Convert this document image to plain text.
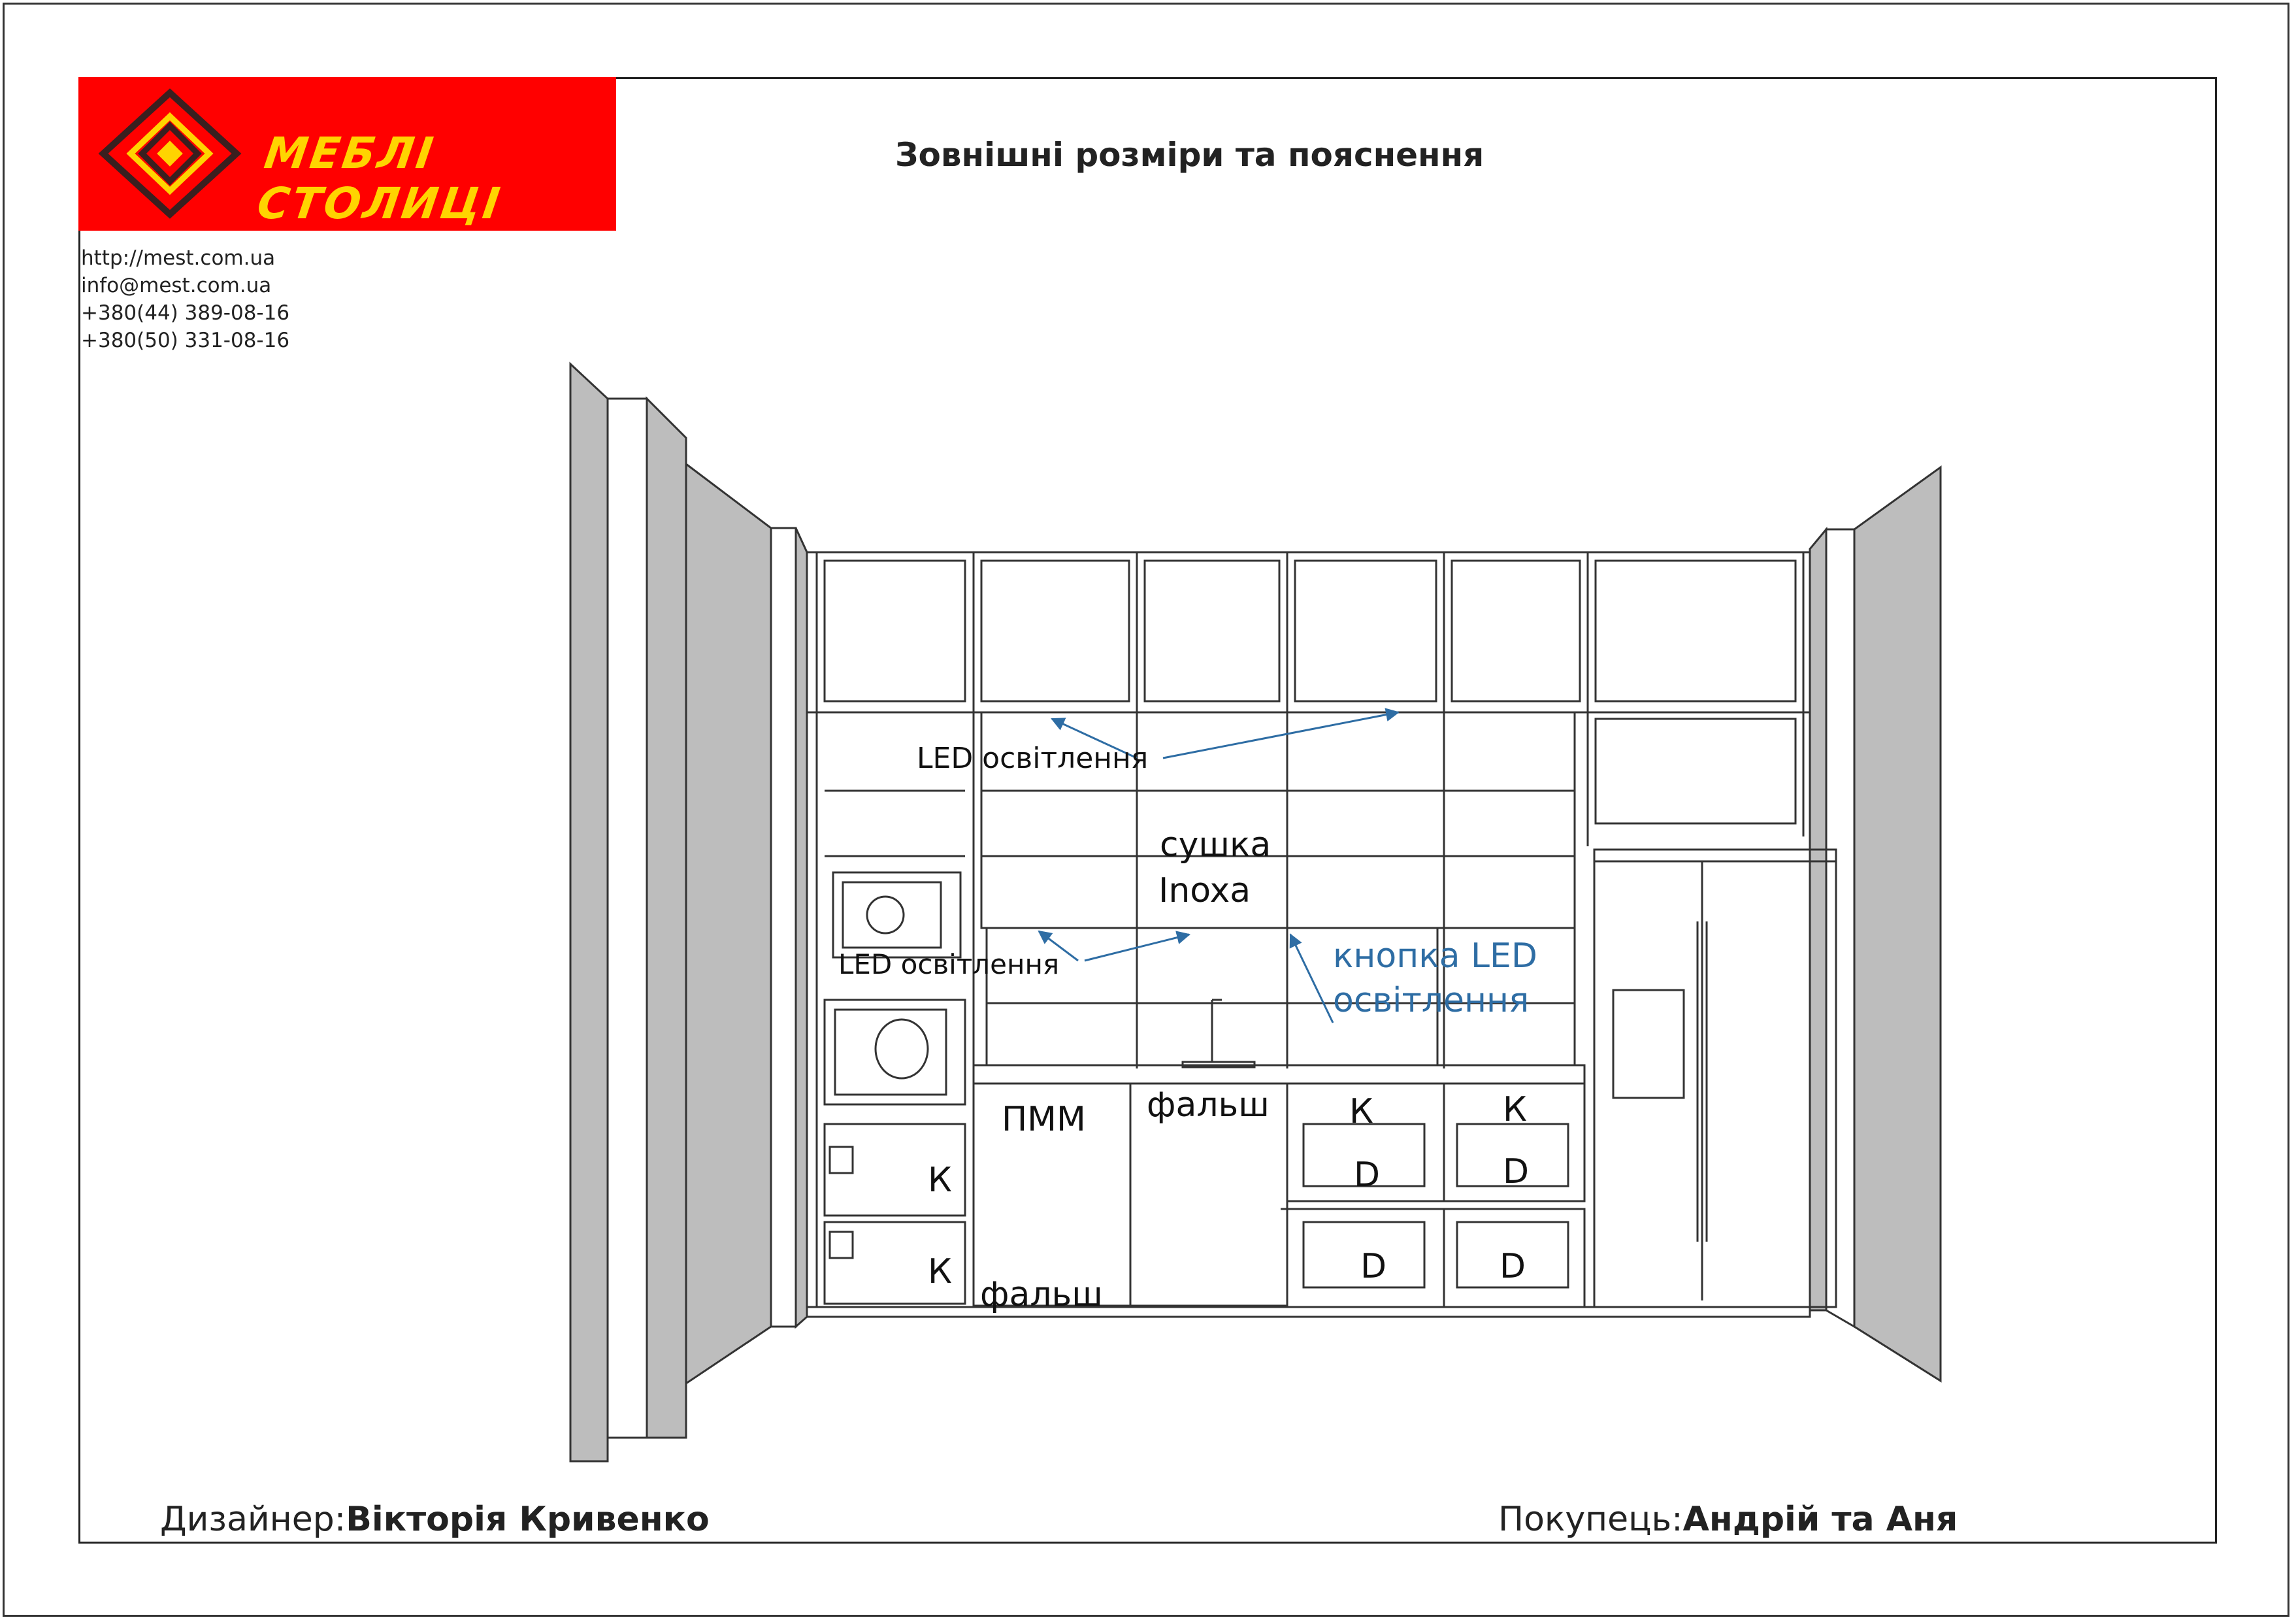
МЕБЛІ СТОЛИЦІ
http://mest.com.ua
info@mest.com.ua
+380(44) 389-08-16
+380(50) 331-08-16
Зовнішні розміри та пояснення
LED освітлення
LED освітлення
сушка
Inoxa
кнопка LED
освітлення
ПММ фальш
фальш
К
К
К	К
D	D
D	D
Дизайнер:Вікторія Кривенко	Покупець:Андрій та Аня
